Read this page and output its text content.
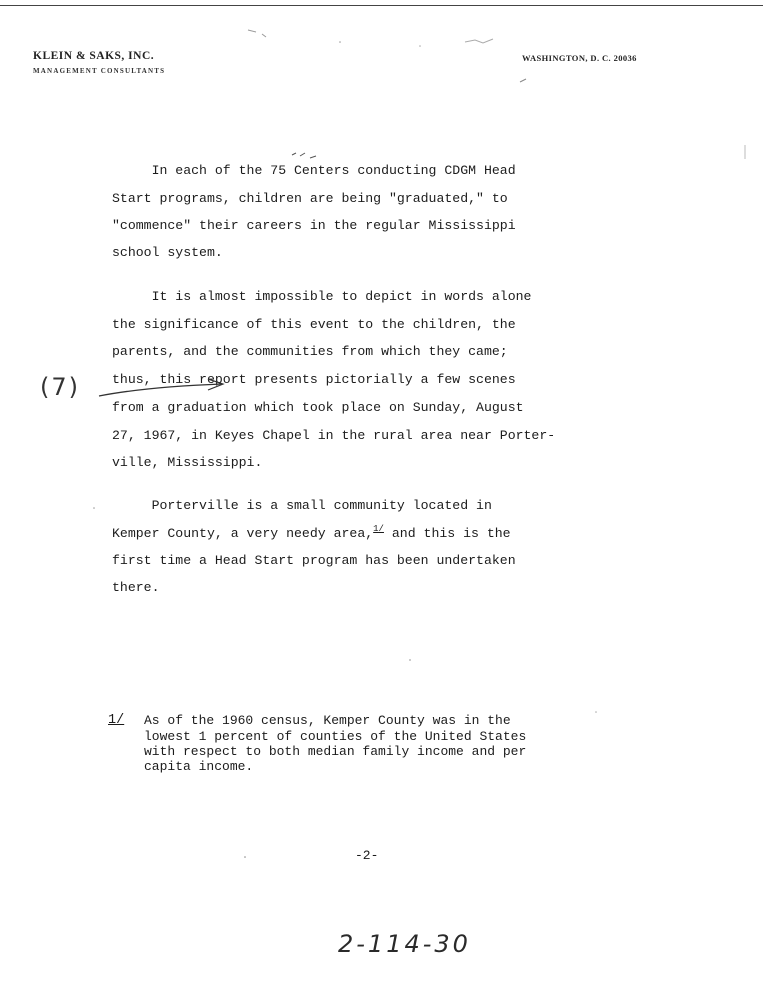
KLEIN & SAKS, INC.
MANAGEMENT CONSULTANTS
WASHINGTON, D. C. 20036
In each of the 75 Centers conducting CDGM Head
Start programs, children are being "graduated," to
"commence" their careers in the regular Mississippi
school system.
It is almost impossible to depict in words alone
the significance of this event to the children, the
parents, and the communities from which they came;
thus, this report presents pictorially a few scenes
from a graduation which took place on Sunday, August
27, 1967, in Keyes Chapel in the rural area near Porter-
ville, Mississippi.
Porterville is a small community located in
Kemper County, a very needy area,$^{1/}$ and this is the
first time a Head Start program has been undertaken
there.
1/ As of the 1960 census, Kemper County was in the
lowest 1 percent of counties of the United States
with respect to both median family income and per
capita income.
-2-
(7)
2-114-30
